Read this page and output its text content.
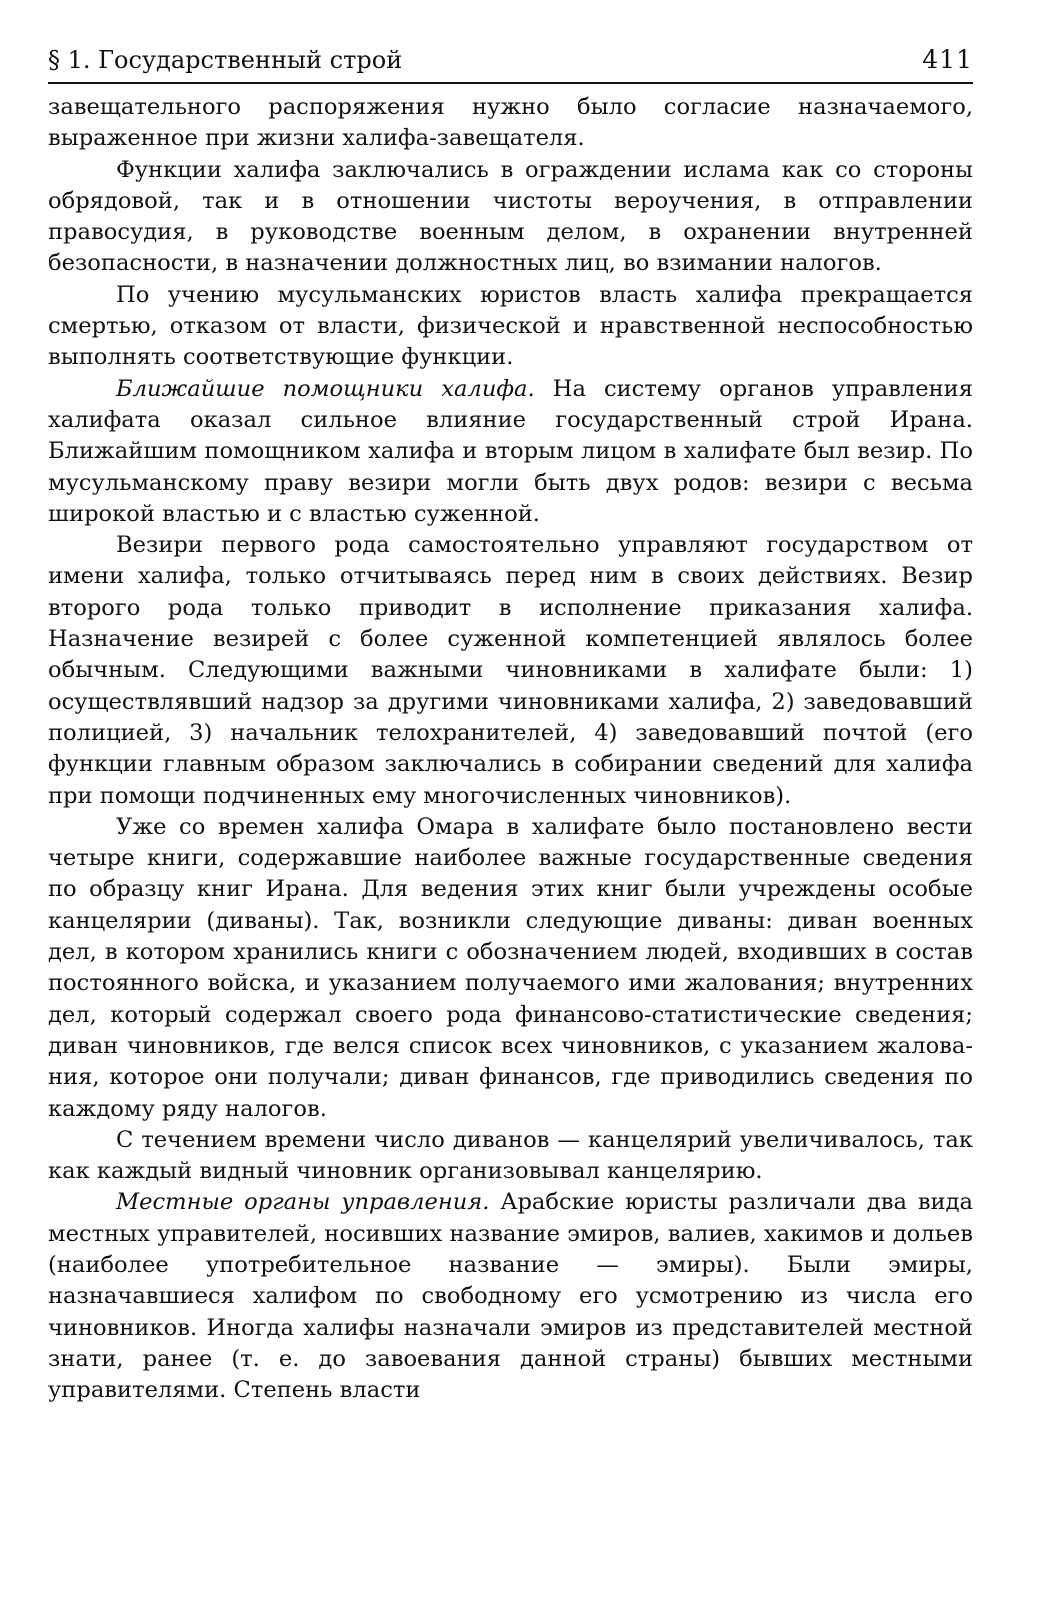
§ 1. Государственный строй	411

завещательного распоряжения нужно было согласие назначаемого, выраженное при жизни халифа-завещателя.

Функции халифа заключались в ограждении ислама как со стороны обрядовой, так и в отношении чистоты вероучения, в отправлении правосудия, в руководстве военным делом, в охранении внутренней безопасности, в назначении должностных лиц, во взимании налогов.

По учению мусульманских юристов власть халифа прекращается смертью, отказом от власти, физической и нравственной неспособностью выполнять соответствующие функции.

Ближайшие помощники халифа. На систему органов управления халифата оказал сильное влияние государственный строй Ирана. Ближайшим помощником халифа и вторым лицом в халифате был везир. По мусульманскому праву везири могли быть двух родов: везири с весьма широкой властью и с властью суженной.

Везири первого рода самостоятельно управляют государством от имени халифа, только отчитываясь перед ним в своих действиях. Везир второго рода только приводит в исполнение приказания халифа. Назначение везирей с более суженной компетенцией являлось более обычным. Следующими важными чиновниками в халифате были: 1) осуществлявший надзор за другими чиновниками халифа, 2) заведовавший полицией, 3) начальник телохранителей, 4) заведовавший почтой (его функции главным образом заключались в собирании сведений для халифа при помощи подчиненных ему многочисленных чиновников).

Уже со времен халифа Омара в халифате было постановлено вести четыре книги, содержавшие наиболее важные государственные сведения по образцу книг Ирана. Для ведения этих книг были учреждены особые канцелярии (диваны). Так, возникли следующие диваны: диван военных дел, в котором хранились книги с обозначением людей, входивших в состав постоянного войска, и указанием получаемого ими жалования; внутренних дел, который содержал своего рода финансово-статистические сведения; диван чиновников, где велся список всех чиновников, с указанием жалования, которое они получали; диван финансов, где приводились сведения по каждому ряду налогов.

С течением времени число диванов — канцелярий увеличивалось, так как каждый видный чиновник организовывал канцелярию.

Местные органы управления. Арабские юристы различали два вида местных управителей, носивших название эмиров, валиев, хакимов и дольев (наиболее употребительное название — эмиры). Были эмиры, назначавшиеся халифом по свободному его усмотрению из числа его чиновников. Иногда халифы назначали эмиров из представителей местной знати, ранее (т. е. до завоевания данной страны) бывших местными управителями. Степень власти
